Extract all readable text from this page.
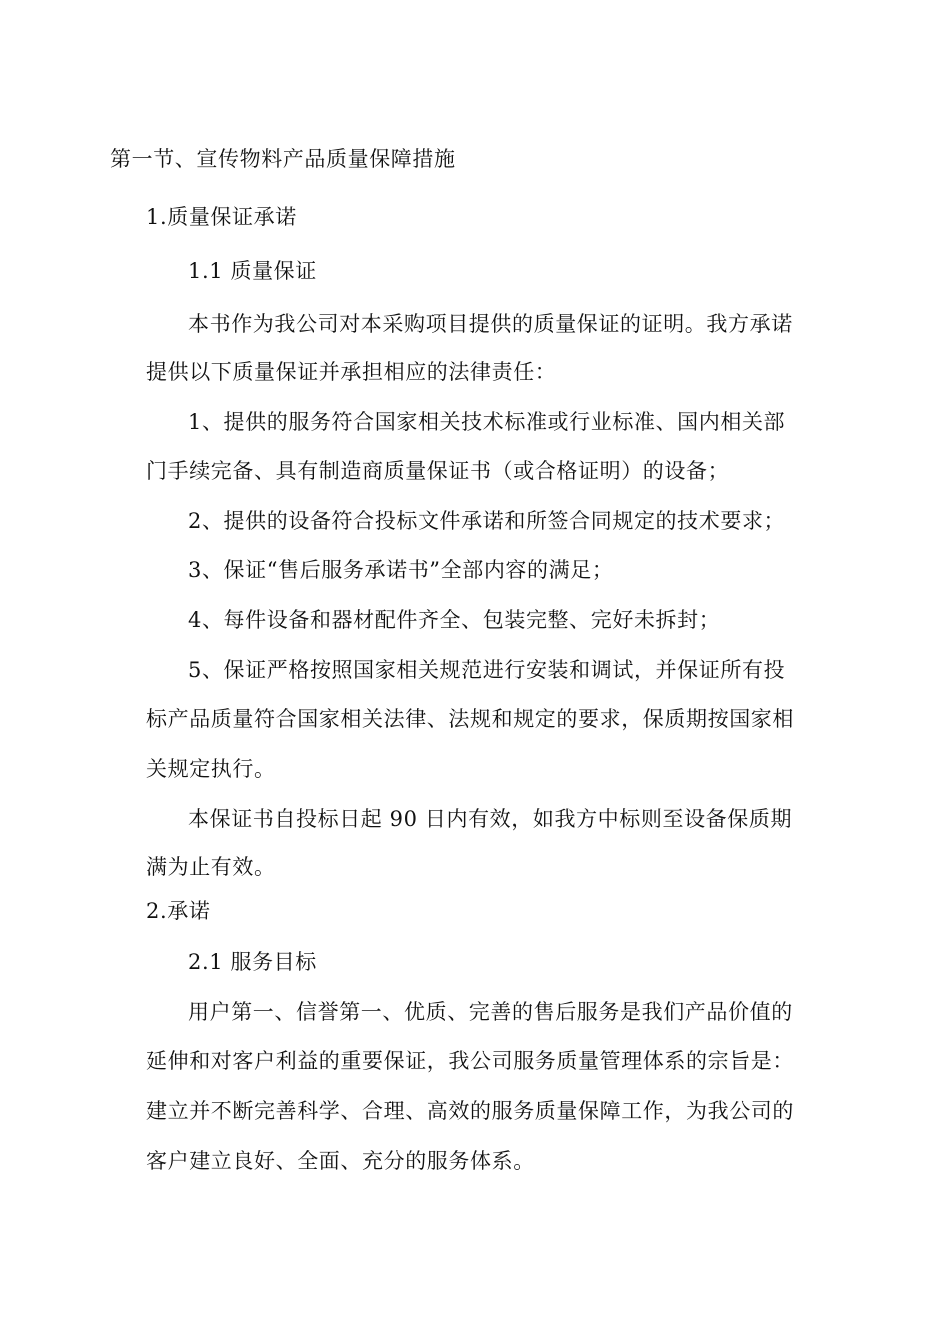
第一节、宣传物料产品质量保障措施
1.质量保证承诺
1.1 质量保证
本书作为我公司对本采购项目提供的质量保证的证明。我方承诺
提供以下质量保证并承担相应的法律责任：
1、提供的服务符合国家相关技术标准或行业标准、国内相关部
门手续完备、具有制造商质量保证书（或合格证明）的设备；
2、提供的设备符合投标文件承诺和所签合同规定的技术要求；
3、保证“售后服务承诺书”全部内容的满足；
4、每件设备和器材配件齐全、包装完整、完好未拆封；
5、保证严格按照国家相关规范进行安装和调试，并保证所有投
标产品质量符合国家相关法律、法规和规定的要求，保质期按国家相
关规定执行。
本保证书自投标日起 90 日内有效，如我方中标则至设备保质期
满为止有效。
2.承诺
2.1 服务目标
用户第一、信誉第一、优质、完善的售后服务是我们产品价值的
延伸和对客户利益的重要保证，我公司服务质量管理体系的宗旨是：
建立并不断完善科学、合理、高效的服务质量保障工作，为我公司的
客户建立良好、全面、充分的服务体系。
